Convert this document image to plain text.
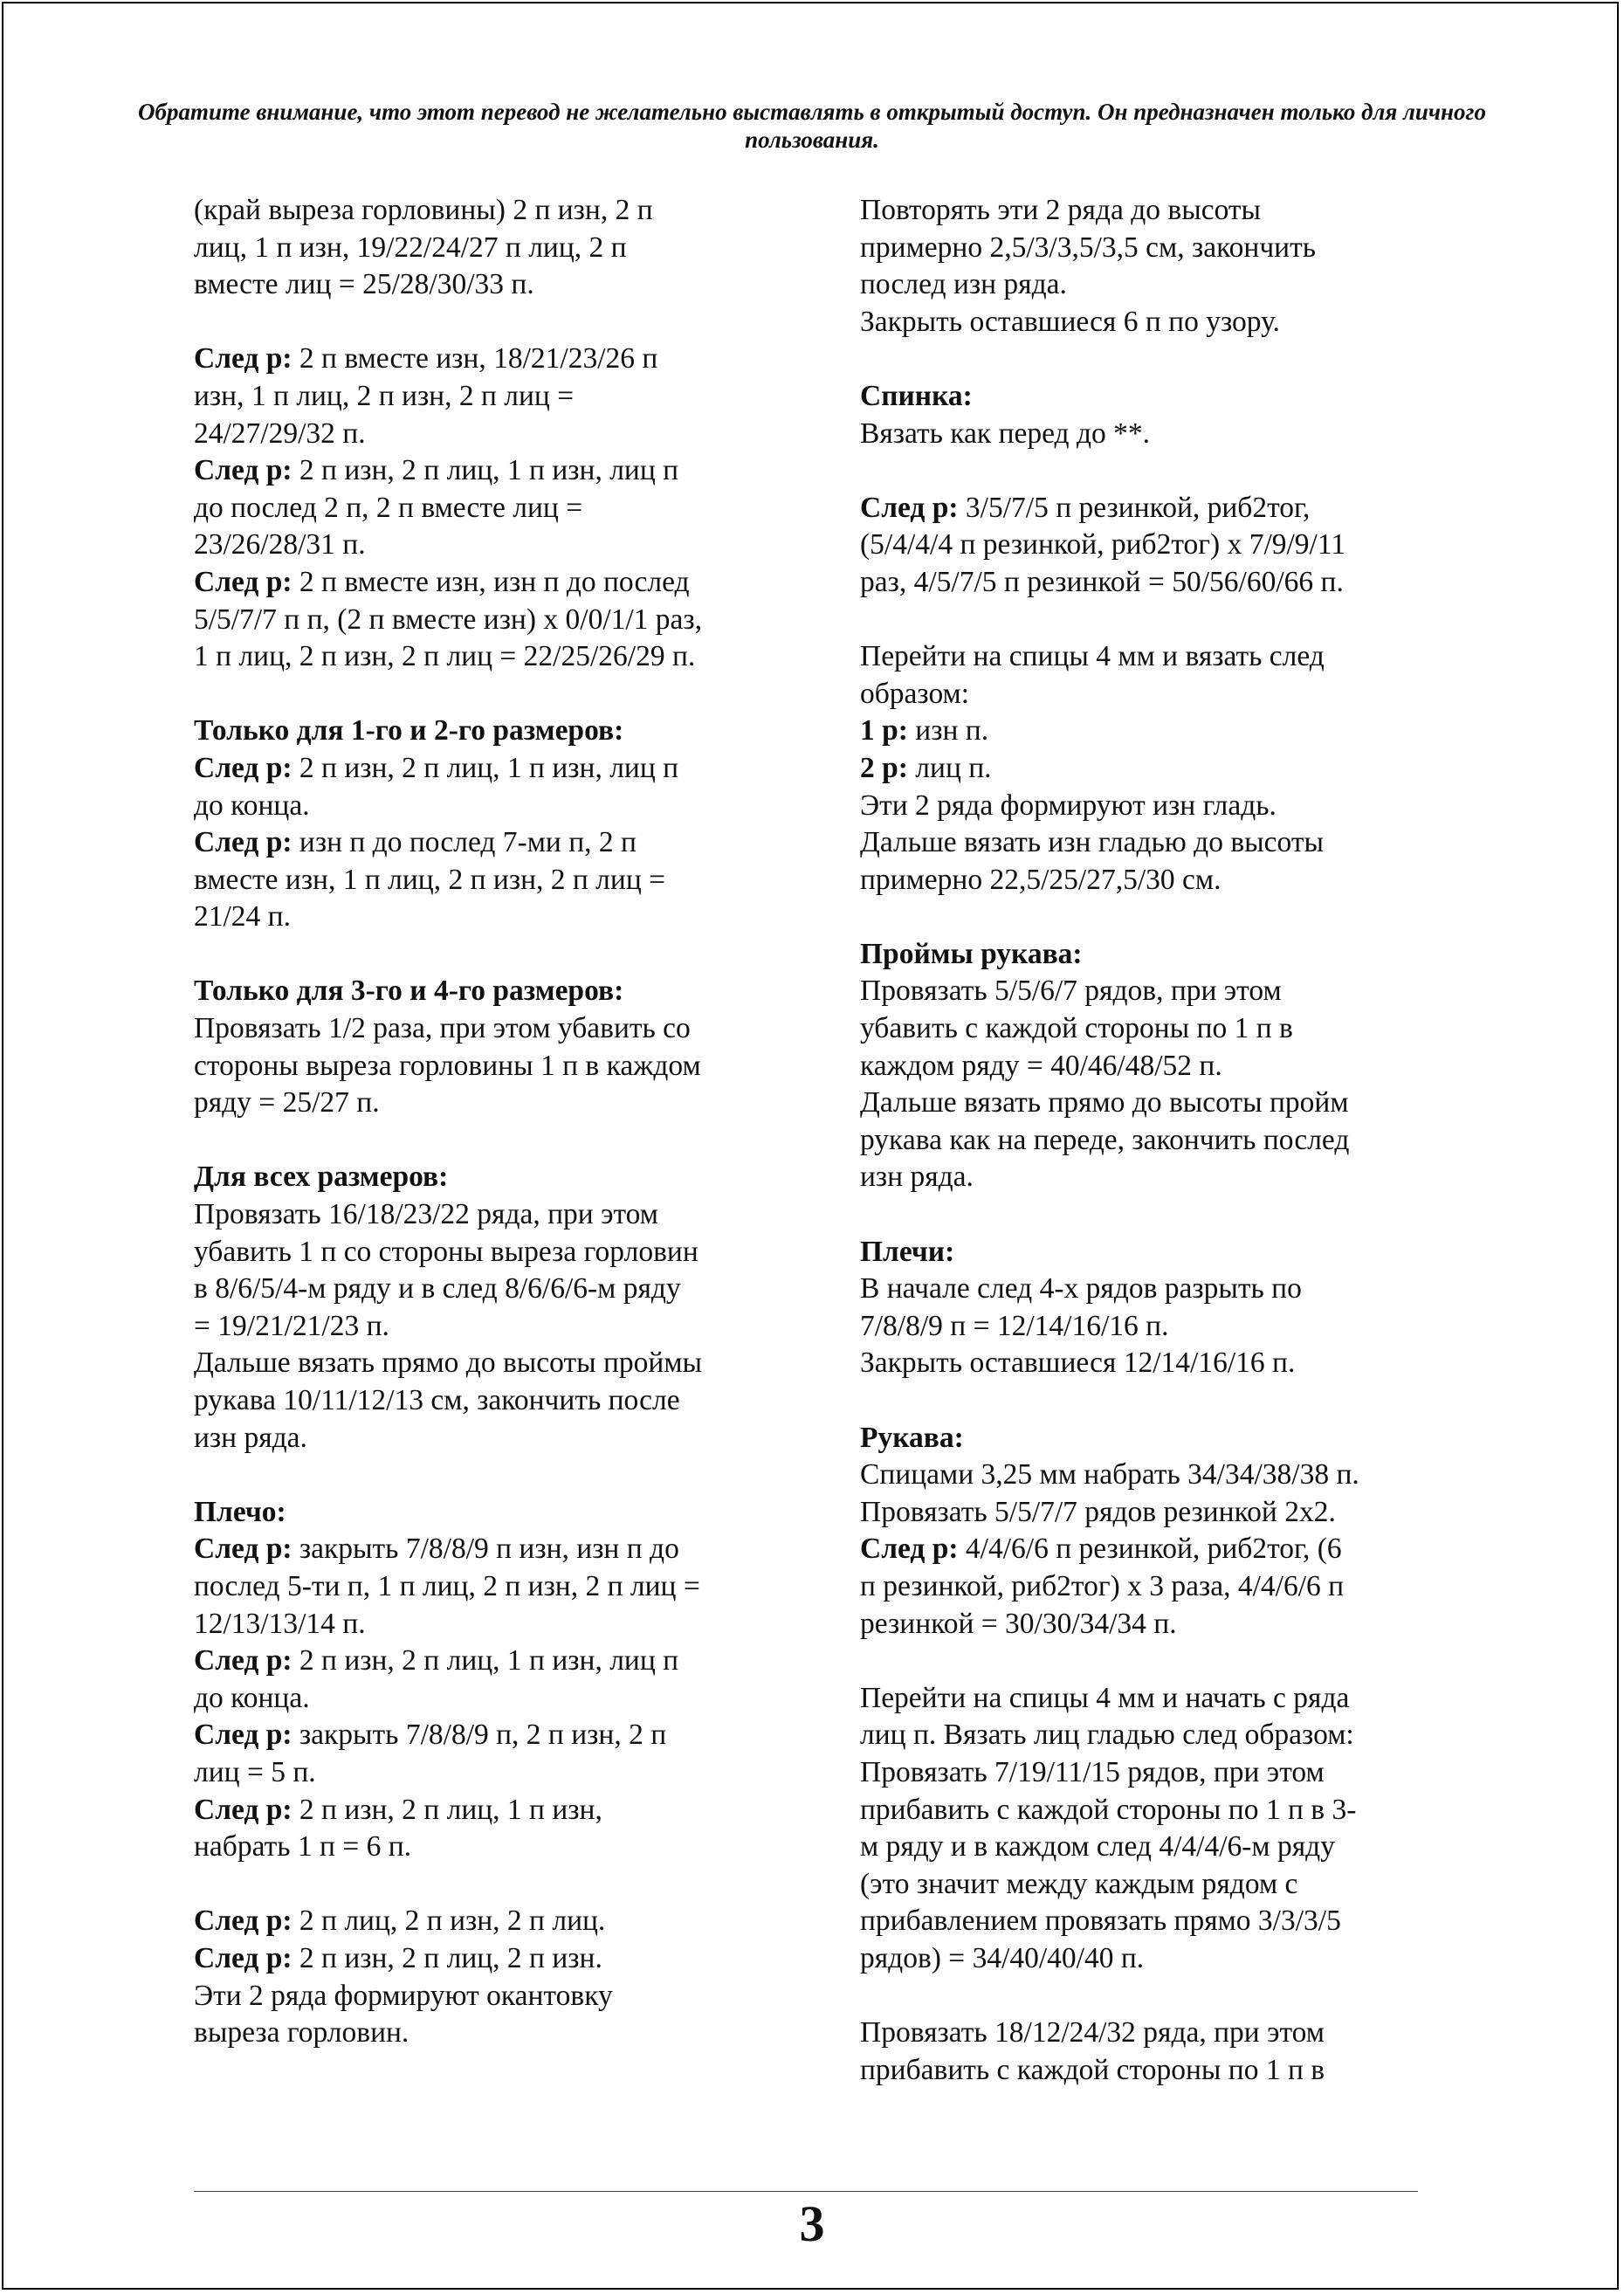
Обратите внимание, что этот перевод не желательно выставлять в открытый доступ. Он предназначен только для личного пользования.
(край выреза горловины) 2 п изн, 2 п
лиц, 1 п изн, 19/22/24/27 п лиц, 2 п
вместе лиц = 25/28/30/33 п.
След р: 2 п вместе изн, 18/21/23/26 п
изн, 1 п лиц, 2 п изн, 2 п лиц =
24/27/29/32 п.
След р: 2 п изн, 2 п лиц, 1 п изн, лиц п
до послед 2 п, 2 п вместе лиц =
23/26/28/31 п.
След р: 2 п вместе изн, изн п до послед
5/5/7/7 п п, (2 п вместе изн) х 0/0/1/1 раз,
1 п лиц, 2 п изн, 2 п лиц = 22/25/26/29 п.
Только для 1-го и 2-го размеров:
След р: 2 п изн, 2 п лиц, 1 п изн, лиц п
до конца.
След р: изн п до послед 7-ми п, 2 п
вместе изн, 1 п лиц, 2 п изн, 2 п лиц =
21/24 п.
Только для 3-го и 4-го размеров:
Провязать 1/2 раза, при этом убавить со
стороны выреза горловины 1 п в каждом
ряду = 25/27 п.
Для всех размеров:
Провязать 16/18/23/22 ряда, при этом
убавить 1 п со стороны выреза горловин
в 8/6/5/4-м ряду и в след 8/6/6/6-м ряду
= 19/21/21/23 п.
Дальше вязать прямо до высоты проймы
рукава 10/11/12/13 см, закончить после
изн ряда.
Плечо:
След р: закрыть 7/8/8/9 п изн, изн п до
послед 5-ти п, 1 п лиц, 2 п изн, 2 п лиц =
12/13/13/14 п.
След р: 2 п изн, 2 п лиц, 1 п изн, лиц п
до конца.
След р: закрыть 7/8/8/9 п, 2 п изн, 2 п
лиц = 5 п.
След р: 2 п изн, 2 п лиц, 1 п изн,
набрать 1 п = 6 п.
След р: 2 п лиц, 2 п изн, 2 п лиц.
След р: 2 п изн, 2 п лиц, 2 п изн.
Эти 2 ряда формируют окантовку
выреза горловин.
Повторять эти 2 ряда до высоты
примерно 2,5/3/3,5/3,5 см, закончить
послед изн ряда.
Закрыть оставшиеся 6 п по узору.
Спинка:
Вязать как перед до **.
След р: 3/5/7/5 п резинкой, риб2тог,
(5/4/4/4 п резинкой, риб2тог) х 7/9/9/11
раз, 4/5/7/5 п резинкой = 50/56/60/66 п.
Перейти на спицы 4 мм и вязать след
образом:
1 р: изн п.
2 р: лиц п.
Эти 2 ряда формируют изн гладь.
Дальше вязать изн гладью до высоты
примерно 22,5/25/27,5/30 см.
Проймы рукава:
Провязать 5/5/6/7 рядов, при этом
убавить с каждой стороны по 1 п в
каждом ряду = 40/46/48/52 п.
Дальше вязать прямо до высоты пройм
рукава как на переде, закончить послед
изн ряда.
Плечи:
В начале след 4-х рядов разрыть по
7/8/8/9 п = 12/14/16/16 п.
Закрыть оставшиеся 12/14/16/16 п.
Рукава:
Спицами 3,25 мм набрать 34/34/38/38 п.
Провязать 5/5/7/7 рядов резинкой 2х2.
След р: 4/4/6/6 п резинкой, риб2тог, (6
п резинкой, риб2тог) х 3 раза, 4/4/6/6 п
резинкой = 30/30/34/34 п.
Перейти на спицы 4 мм и начать с ряда
лиц п. Вязать лиц гладью след образом:
Провязать 7/19/11/15 рядов, при этом
прибавить с каждой стороны по 1 п в 3-
м ряду и в каждом след 4/4/4/6-м ряду
(это значит между каждым рядом с
прибавлением провязать прямо 3/3/3/5
рядов) = 34/40/40/40 п.
Провязать 18/12/24/32 ряда, при этом
прибавить с каждой стороны по 1 п в
3
